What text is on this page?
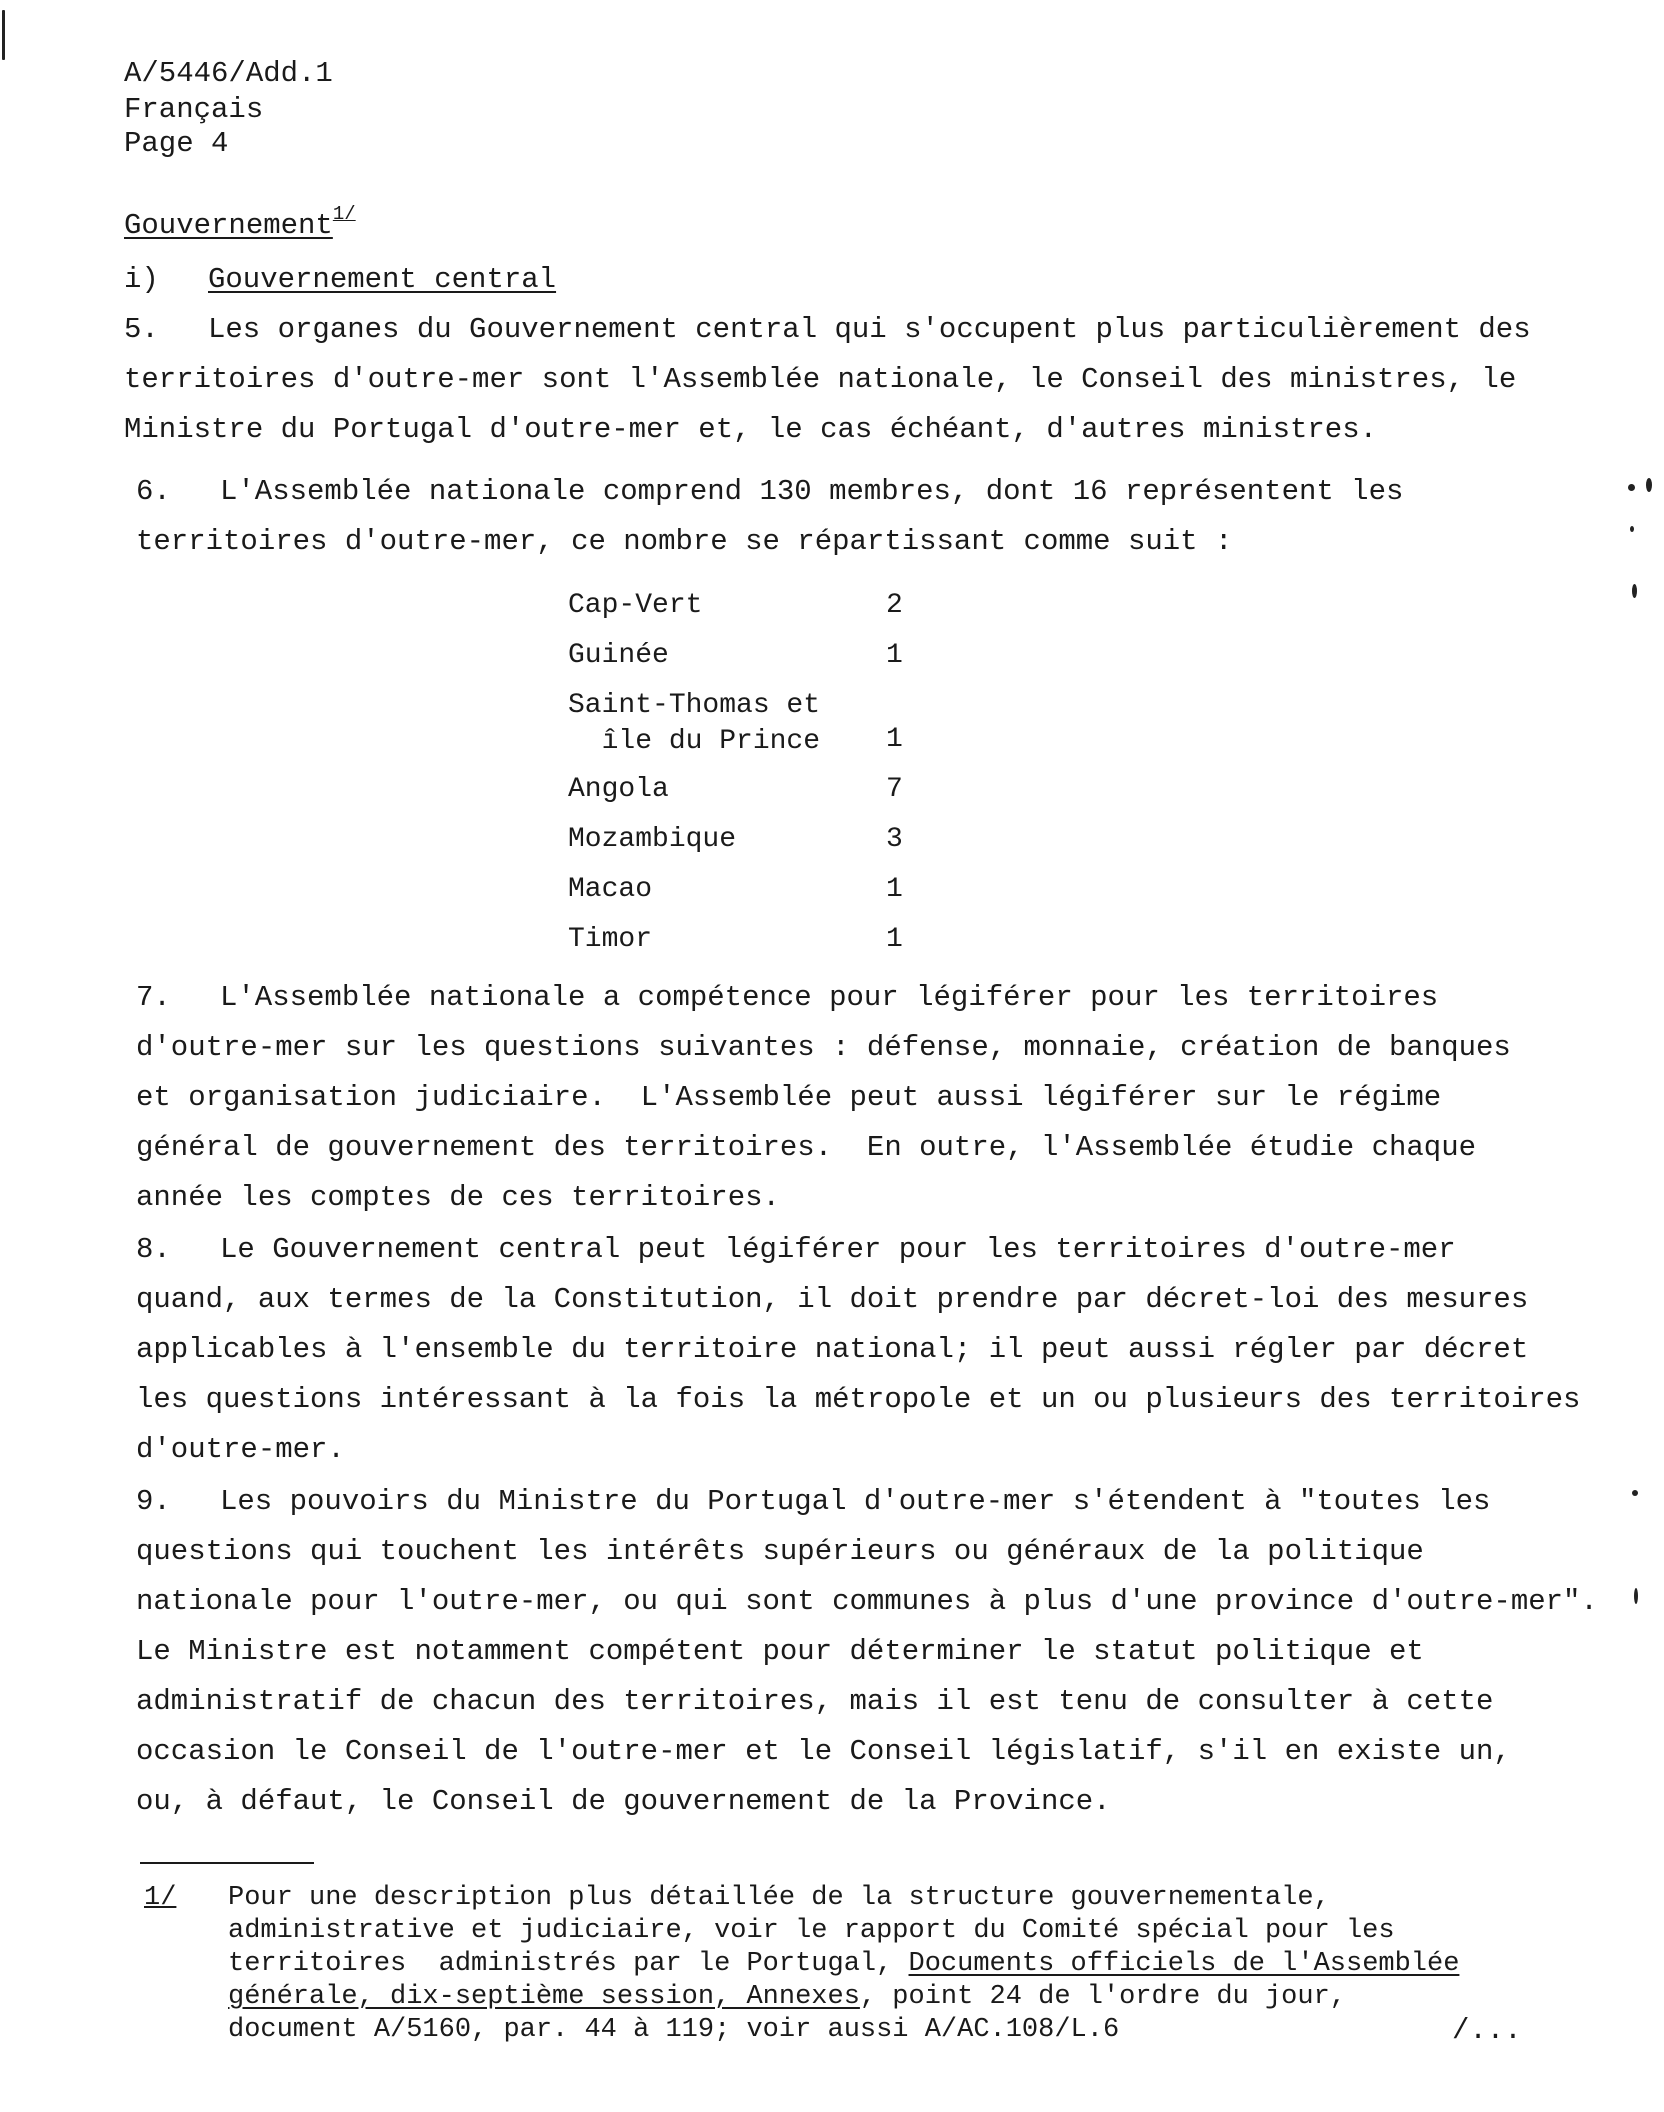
A/5446/Add.1
Français
Page 4
Gouvernement$^{1/}$
i) Gouvernement central
5. Les organes du Gouvernement central qui s'occupent plus particulièrement des
territoires d'outre-mer sont l'Assemblée nationale, le Conseil des ministres, le
Ministre du Portugal d'outre-mer et, le cas échéant, d'autres ministres.
6. L'Assemblée nationale comprend 130 membres, dont 16 représentent les
territoires d'outre-mer, ce nombre se répartissant comme suit :
Cap-Vert	2
Guinée	1
Saint-Thomas et
île du Prince 1
Angola	7
Mozambique	3
Macao	1
Timor	1
7. L'Assemblée nationale a compétence pour légiférer pour les territoires
d'outre-mer sur les questions suivantes : défense, monnaie, création de banques
et organisation judiciaire.  L'Assemblée peut aussi légiférer sur le régime
général de gouvernement des territoires.  En outre, l'Assemblée étudie chaque
année les comptes de ces territoires.
8. Le Gouvernement central peut légiférer pour les territoires d'outre-mer
quand, aux termes de la Constitution, il doit prendre par décret-loi des mesures
applicables à l'ensemble du territoire national; il peut aussi régler par décret
les questions intéressant à la fois la métropole et un ou plusieurs des territoires
d'outre-mer.
9. Les pouvoirs du Ministre du Portugal d'outre-mer s'étendent à "toutes les
questions qui touchent les intérêts supérieurs ou généraux de la politique
nationale pour l'outre-mer, ou qui sont communes à plus d'une province d'outre-mer".
Le Ministre est notamment compétent pour déterminer le statut politique et
administratif de chacun des territoires, mais il est tenu de consulter à cette
occasion le Conseil de l'outre-mer et le Conseil législatif, s'il en existe un,
ou, à défaut, le Conseil de gouvernement de la Province.
1/ Pour une description plus détaillée de la structure gouvernementale,
administrative et judiciaire, voir le rapport du Comité spécial pour les
territoires  administrés par le Portugal, Documents officiels de l'Assemblée
générale, dix-septième session, Annexes, point 24 de l'ordre du jour,
document A/5160, par. 44 à 119; voir aussi A/AC.108/L.6	/...
